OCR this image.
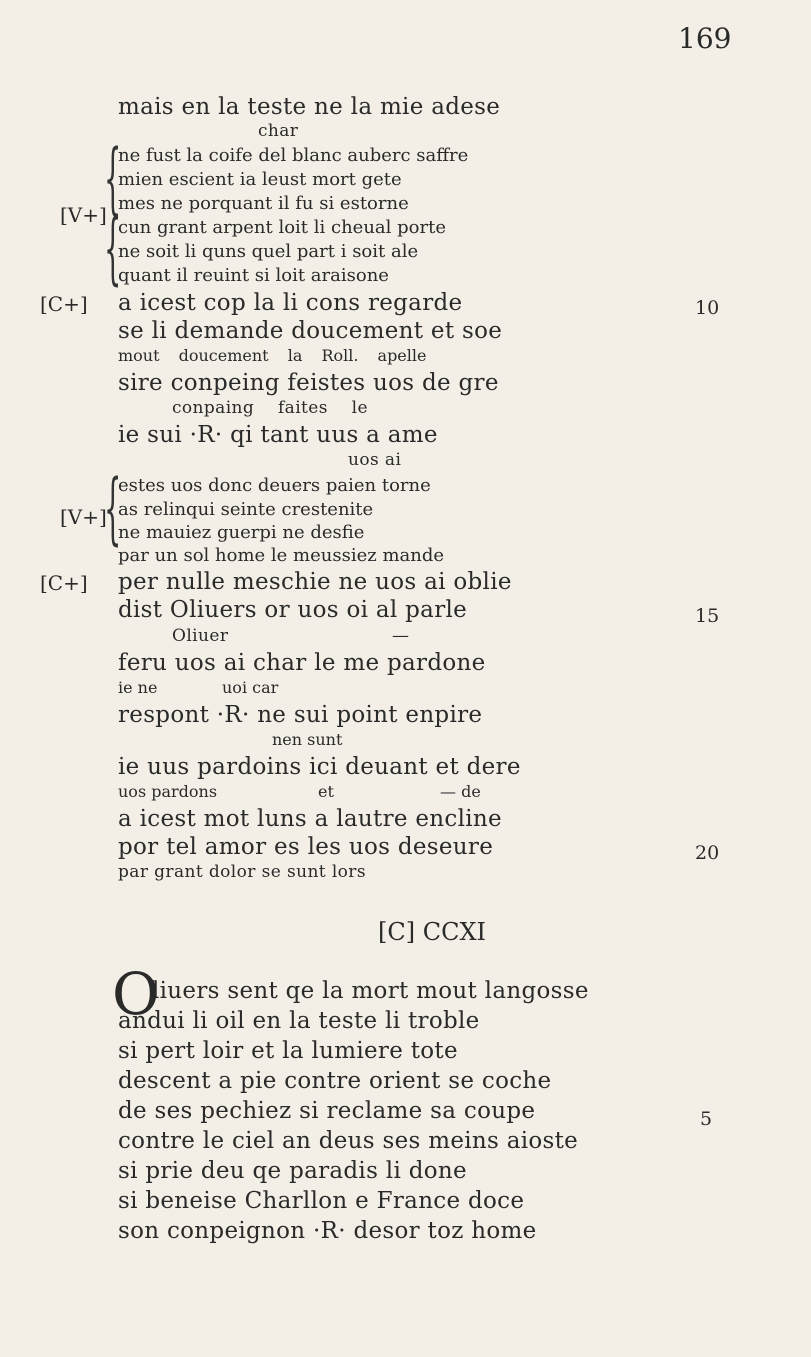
169
mais en la teste ne la mie adese
char
{
{
[V+]
ne fust la coife del blanc auberc saffre
mien escient ia leust mort gete
mes ne porquant il fu si estorne
cun grant arpent loit li cheual porte
ne soit li quns quel part i soit ale
quant il reuint si loit araisone
[C+] a icest cop la li cons regarde	10
se li demande doucement et soe
mout doucement la Roll. apelle
sire conpeing feistes uos de gre
conpaing faites le
ie sui ·R· qi tant uus a ame
uos ai
{
[V+]
estes uos donc deuers paien torne
as relinqui seinte crestenite
ne mauiez guerpi ne desfie
par un sol home le meussiez mande
[C+] per nulle meschie ne uos ai oblie
dist Oliuers or uos oi al parle	15
Oliuer	—
feru uos ai char le me pardone
ie ne	uoi car
respont ·R· ne sui point enpire
nen sunt
ie uus pardoins ici deuant et dere
uos pardons	et	— de
a icest mot luns a lautre encline
por tel amor es les uos deseure	20
par grant dolor se sunt lors
[C] CCXI
O
liuers sent qe la mort mout langosse
andui li oil en la teste li troble
si pert loir et la lumiere tote
descent a pie contre orient se coche
de ses pechiez si reclame sa coupe	5
contre le ciel an deus ses meins aioste
si prie deu qe paradis li done
si beneise Charllon e France doce
son conpeignon ·R· desor toz home
